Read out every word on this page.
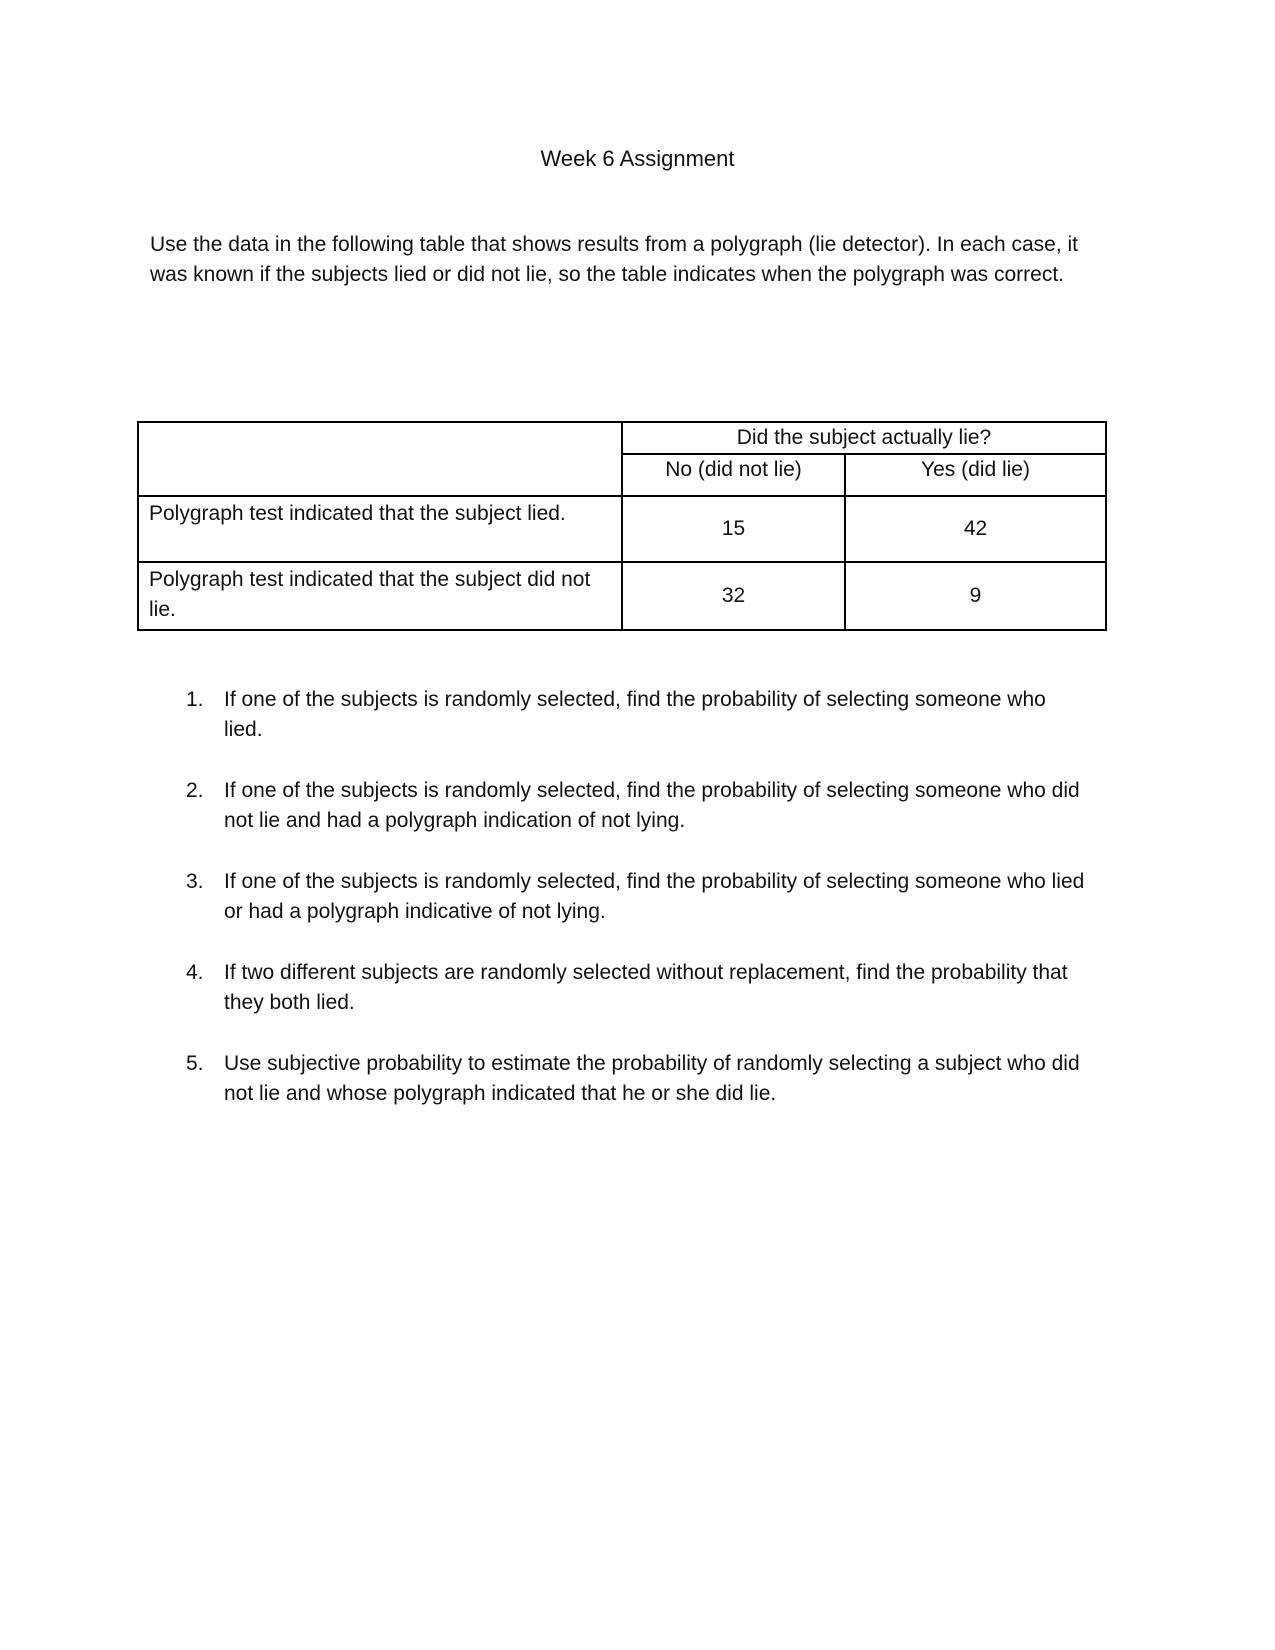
Week 6 Assignment

Use the data in the following table that shows results from a polygraph (lie detector). In each case, it was known if the subjects lied or did not lie, so the table indicates when the polygraph was correct.

	Did the subject actually lie?	
	No (did not lie)	Yes (did lie)
Polygraph test indicated that the subject lied.	15	42
Polygraph test indicated that the subject did not lie.	32	9
1. If one of the subjects is randomly selected, find the probability of selecting someone who lied.
2. If one of the subjects is randomly selected, find the probability of selecting someone who did not lie and had a polygraph indication of not lying.
3. If one of the subjects is randomly selected, find the probability of selecting someone who lied or had a polygraph indicative of not lying.
4. If two different subjects are randomly selected without replacement, find the probability that they both lied.
5. Use subjective probability to estimate the probability of randomly selecting a subject who did not lie and whose polygraph indicated that he or she did lie.
